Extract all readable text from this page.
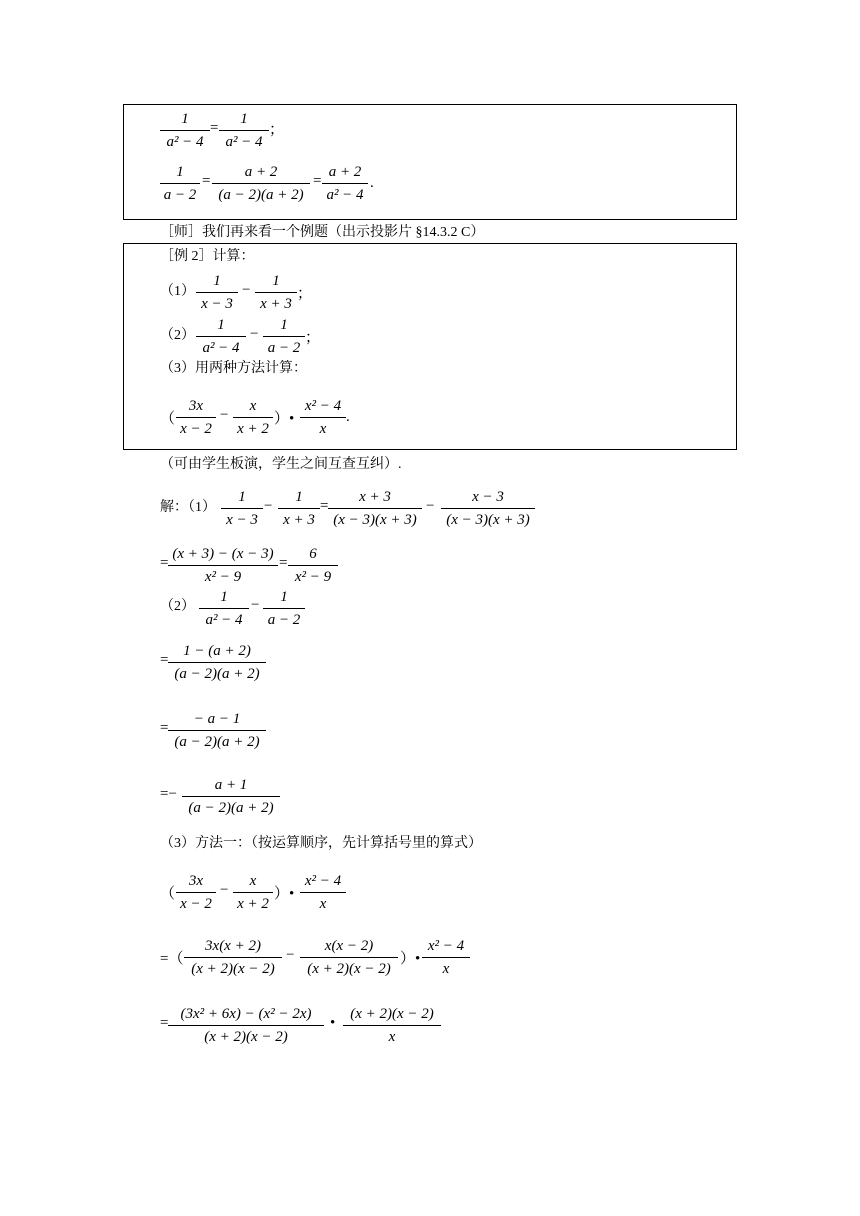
1
a² − 4
=
1
a² − 4
；
1
a − 2
=
a + 2
(a − 2)(a + 2)
=
a + 2
a² − 4
.
［师］我们再来看一个例题（出示投影片 §14.3.2 C）
［例 2］计算：
（1）
1
x − 3
−
1
x + 3
；
（2）
1
a² − 4
−
1
a − 2
；
（3）用两种方法计算：
（
3x
x − 2
−
x
x + 2
）•
x² − 4
x
.
（可由学生板演，学生之间互查互纠）.
解：（1）
1
x − 3
−
1
x + 3
=
x + 3
(x − 3)(x + 3)
−
x − 3
(x − 3)(x + 3)
=
(x + 3) − (x − 3)
x² − 9
=
6
x² − 9
（2）
1
a² − 4
−	1
a − 2
=
1 − (a + 2)
(a − 2)(a + 2)
=
− a − 1
(a − 2)(a + 2)
=−
a + 1
(a − 2)(a + 2)
（3）方法一：（按运算顺序，先计算括号里的算式）
（
3x
x − 2
−
x
x + 2
）•
x² − 4
x
=（
3x(x + 2)
(x + 2)(x − 2)
−
x(x − 2)
(x + 2)(x − 2)
）•
x² − 4
x
=
(3x² + 6x) − (x² − 2x)
(x + 2)(x − 2)
•
(x + 2)(x − 2)
x
